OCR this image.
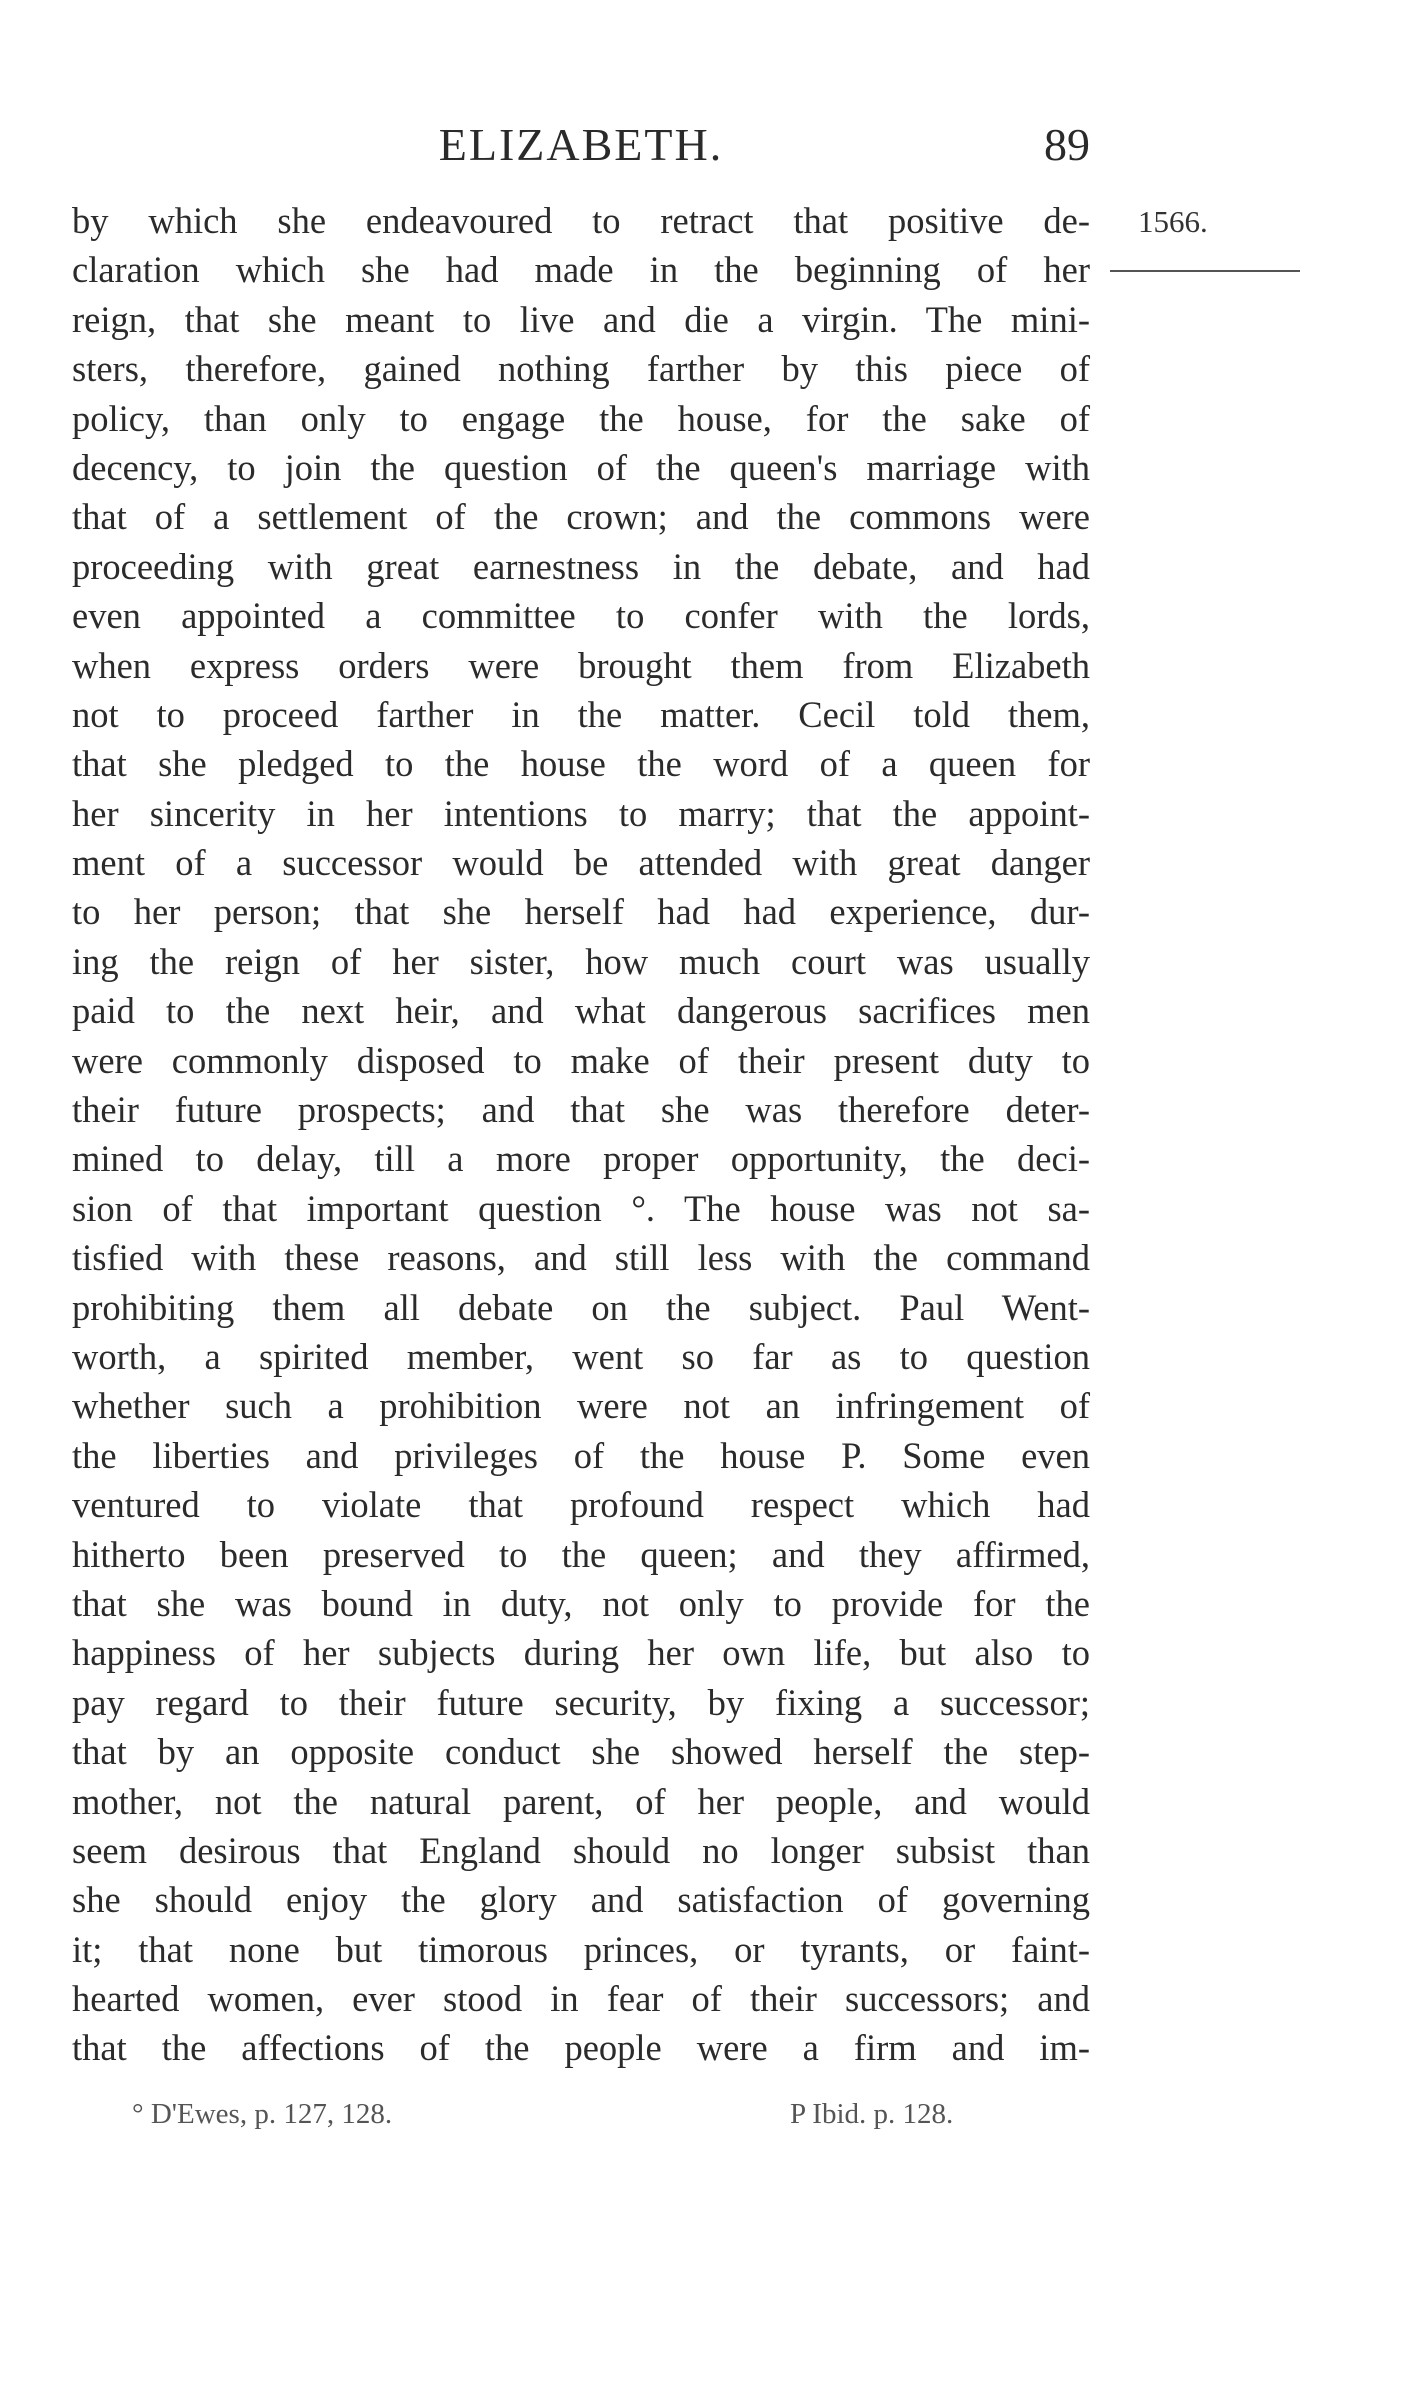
ELIZABETH.	89
1566.
by which she endeavoured to retract that positive de-
claration which she had made in the beginning of her
reign, that she meant to live and die a virgin. The mini-
sters, therefore, gained nothing farther by this piece of
policy, than only to engage the house, for the sake of
decency, to join the question of the queen's marriage with
that of a settlement of the crown; and the commons were
proceeding with great earnestness in the debate, and had
even appointed a committee to confer with the lords,
when express orders were brought them from Elizabeth
not to proceed farther in the matter. Cecil told them,
that she pledged to the house the word of a queen for
her sincerity in her intentions to marry; that the appoint-
ment of a successor would be attended with great danger
to her person; that she herself had had experience, dur-
ing the reign of her sister, how much court was usually
paid to the next heir, and what dangerous sacrifices men
were commonly disposed to make of their present duty to
their future prospects; and that she was therefore deter-
mined to delay, till a more proper opportunity, the deci-
sion of that important question °. The house was not sa-
tisfied with these reasons, and still less with the command
prohibiting them all debate on the subject. Paul Went-
worth, a spirited member, went so far as to question
whether such a prohibition were not an infringement of
the liberties and privileges of the house P. Some even
ventured to violate that profound respect which had
hitherto been preserved to the queen; and they affirmed,
that she was bound in duty, not only to provide for the
happiness of her subjects during her own life, but also to
pay regard to their future security, by fixing a successor;
that by an opposite conduct she showed herself the step-
mother, not the natural parent, of her people, and would
seem desirous that England should no longer subsist than
she should enjoy the glory and satisfaction of governing
it; that none but timorous princes, or tyrants, or faint-
hearted women, ever stood in fear of their successors; and
that the affections of the people were a firm and im-
° D'Ewes, p. 127, 128.	P Ibid. p. 128.
